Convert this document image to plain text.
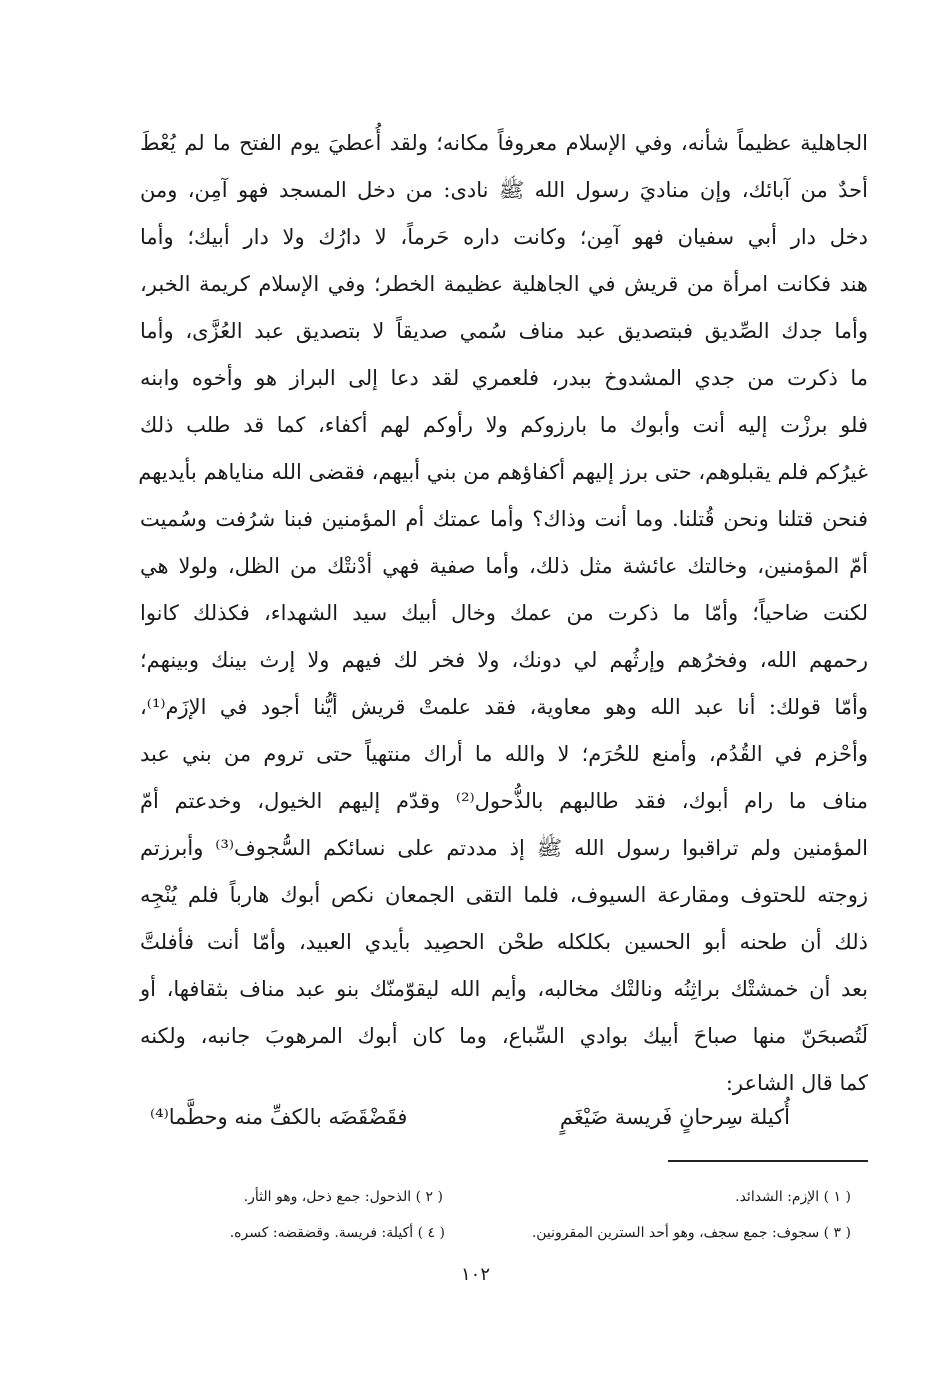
الجاهلية عظيماً شأنه، وفي الإسلام معروفاً مكانه؛ ولقد أُعطيَ يوم الفتح ما لم يُعْطَ
أحدٌ من آبائك، وإن مناديَ رسول الله ﷺ نادى: من دخل المسجد فهو آمِن، ومن
دخل دار أبي سفيان فهو آمِن؛ وكانت داره حَرماً، لا دارُك ولا دار أبيك؛ وأما
هند فكانت امرأة من قريش في الجاهلية عظيمة الخطر؛ وفي الإسلام كريمة الخبر،
وأما جدك الصِّديق فبتصديق عبد مناف سُمي صديقاً لا بتصديق عبد العُزَّى، وأما
ما ذكرت من جدي المشدوخ ببدر، فلعمري لقد دعا إلى البراز هو وأخوه وابنه
فلو برزْت إليه أنت وأبوك ما بارزوكم ولا رأوكم لهم أكفاء، كما قد طلب ذلك
غيرُكم فلم يقبلوهم، حتى برز إليهم أكفاؤهم من بني أبيهم، فقضى الله مناياهم بأيديهم
فنحن قتلنا ونحن قُتلنا. وما أنت وذاك؟ وأما عمتك أم المؤمنين فبنا شرُفت وسُميت
أمّ المؤمنين، وخالتك عائشة مثل ذلك، وأما صفية فهي أدْنتْك من الظل، ولولا هي
لكنت ضاحياً؛ وأمّا ما ذكرت من عمك وخال أبيك سيد الشهداء، فكذلك كانوا
رحمهم الله، وفخرُهم وإرثُهم لي دونك، ولا فخر لك فيهم ولا إرث بينك وبينهم؛
وأمّا قولك: أنا عبد الله وهو معاوية، فقد علمتْ قريش أيُّنا أجود في الإزَم⁽¹⁾،
وأحْزم في القُدُم، وأمنع للحُرَم؛ لا والله ما أراك منتهياً حتى تروم من بني عبد
مناف ما رام أبوك، فقد طالبهم بالذُّحول⁽²⁾ وقدّم إليهم الخيول، وخدعتم أمّ
المؤمنين ولم تراقبوا رسول الله ﷺ إذ مددتم على نسائكم السُّجوف⁽³⁾ وأبرزتم
زوجته للحتوف ومقارعة السيوف، فلما التقى الجمعان نكص أبوك هارباً فلم يُنْجِه
ذلك أن طحنه أبو الحسين بكلكله طحْن الحصِيد بأيدي العبيد، وأمّا أنت فأفلتَّ
بعد أن خمشتْك براثِنُه ونالتْك مخالبه، وأيم الله ليقوّمنّك بنو عبد مناف بثقافها، أو
لَتُصبحَنّ منها صباحَ أبيك بوادي السِّباع، وما كان أبوك المرهوبَ جانبه، ولكنه
كما قال الشاعر:
أُكيلة سِرحانٍ فَريسة ضَيْغَمٍ
فقَضْقَضَه بالكفِّ منه وحطَّما⁽⁴⁾
( ١ ) الإزم: الشدائد.
( ٢ ) الذحول: جمع ذحل، وهو الثأر.
( ٣ ) سجوف: جمع سجف، وهو أحد السترين المقرونين.
( ٤ ) أكيلة: فريسة. وقضقضه: كسره.
١٠٢
